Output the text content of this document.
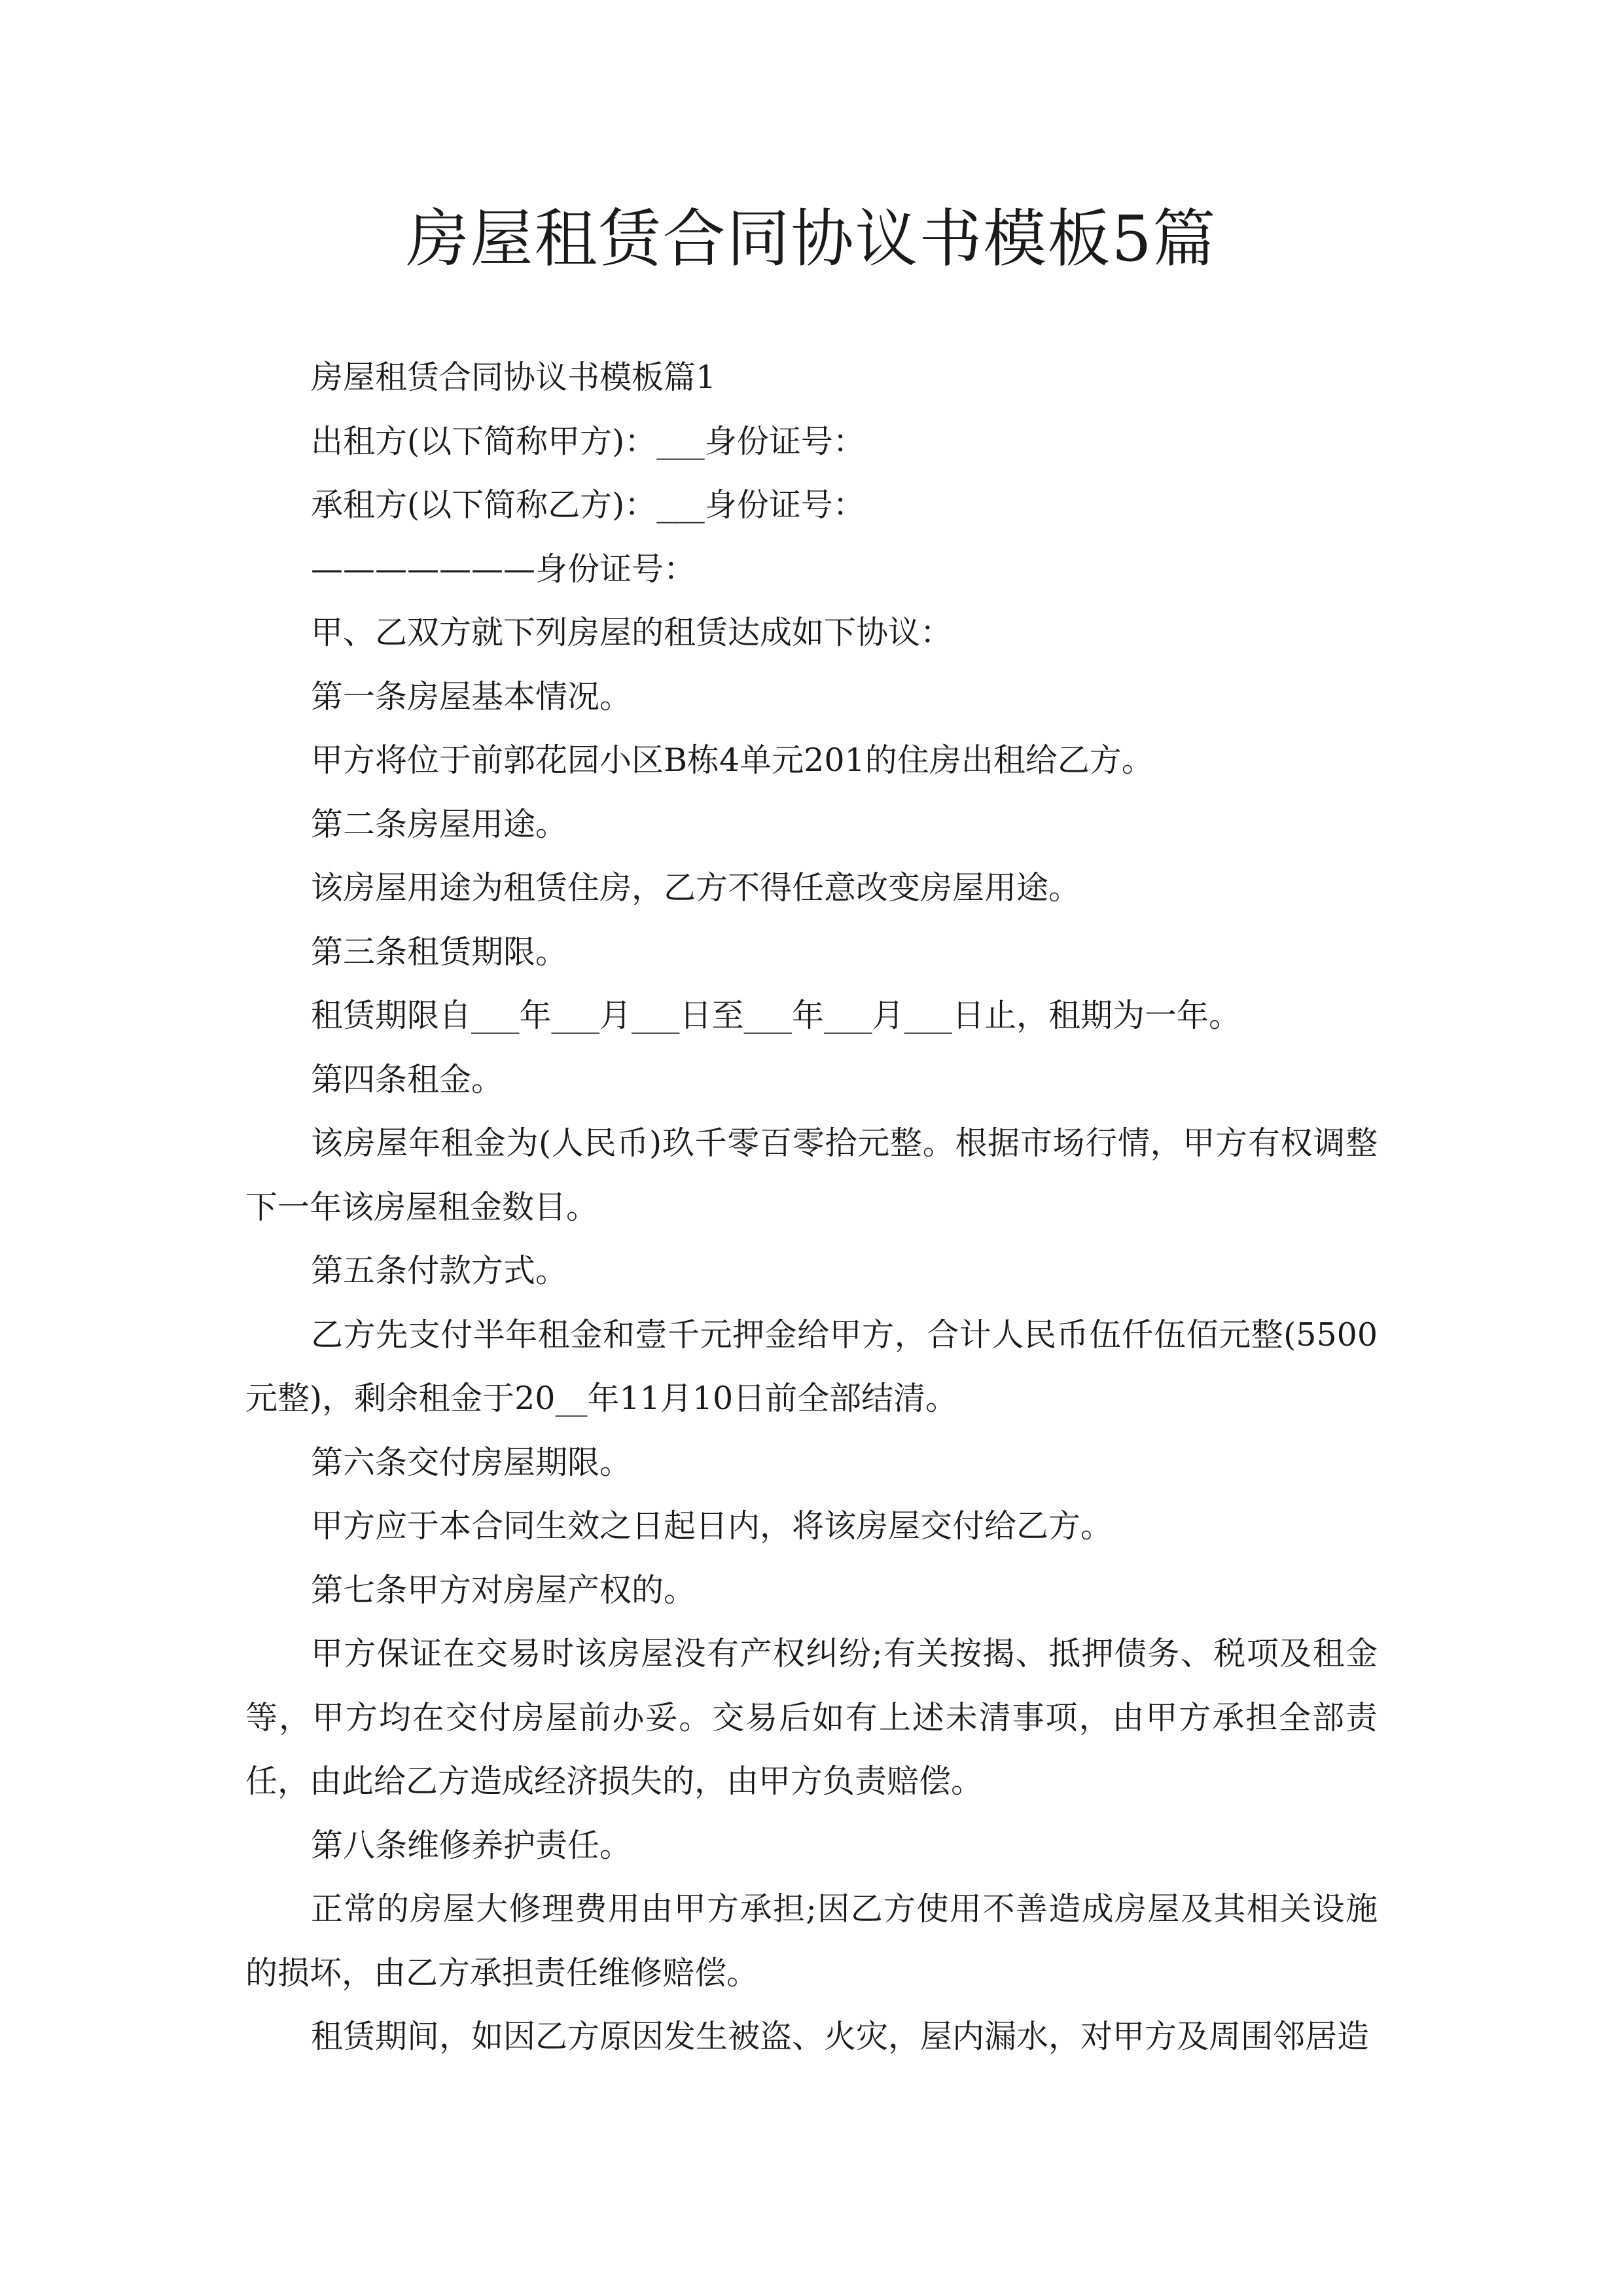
房屋租赁合同协议书模板5篇

房屋租赁合同协议书模板篇1

出租方(以下简称甲方)：___身份证号：

承租方(以下简称乙方)：___身份证号：

———————身份证号：

甲、乙双方就下列房屋的租赁达成如下协议：

第一条房屋基本情况。

甲方将位于前郭花园小区B栋4单元201的住房出租给乙方。

第二条房屋用途。

该房屋用途为租赁住房，乙方不得任意改变房屋用途。

第三条租赁期限。

租赁期限自___年___月___日至___年___月___日止，租期为一年。

第四条租金。

该房屋年租金为(人民币)玖千零百零拾元整。根据市场行情，甲方有权调整下一年该房屋租金数目。

第五条付款方式。

乙方先支付半年租金和壹千元押金给甲方，合计人民币伍仟伍佰元整(5500元整)，剩余租金于20__年11月10日前全部结清。

第六条交付房屋期限。

甲方应于本合同生效之日起日内，将该房屋交付给乙方。

第七条甲方对房屋产权的。

甲方保证在交易时该房屋没有产权纠纷;有关按揭、抵押债务、税项及租金等，甲方均在交付房屋前办妥。交易后如有上述未清事项，由甲方承担全部责任，由此给乙方造成经济损失的，由甲方负责赔偿。

第八条维修养护责任。

正常的房屋大修理费用由甲方承担;因乙方使用不善造成房屋及其相关设施的损坏，由乙方承担责任维修赔偿。

租赁期间，如因乙方原因发生被盗、火灾，屋内漏水，对甲方及周围邻居造
